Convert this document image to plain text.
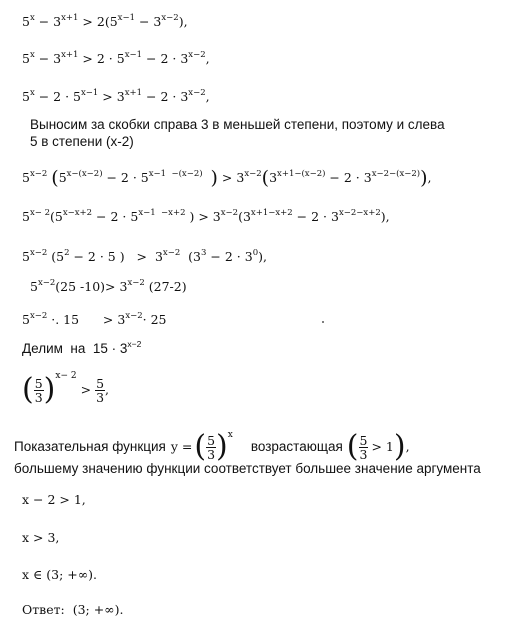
$5^x - 3^{x+1} > 2(5^{x-1} - 3^{x-2})$,
$5^x - 3^{x+1} > 2 \cdot 5^{x-1} - 2 \cdot 3^{x-2}$,
$5^x - 2 \cdot 5^{x-1} > 3^{x+1} - 2 \cdot 3^{x-2}$,
Выносим за скобки справа 3 в меньшей степени, поэтому и слева
5 в степени (x-2)
$5^{x-2}$ ($5^{x-(x-2)} - 2 \cdot 5^{x-1 -(x-2)}$ ) > $3^{x-2}(3^{x+1-(x-2)} - 2 \cdot 3^{x-2-(x-2)})$,
$5^{x- 2}(5^{x-x+2} - 2 \cdot 5^{x-1 -x+2}$ ) > $3^{x-2}(3^{x+1-x+2} - 2 \cdot 3^{x-2-x+2})$,
$5^{x-2}$ ($5^2 - 2 \cdot 5$ )   >  $3^{x-2}$  $(3^3 - 2 \cdot 3^0)$,
$5^{x-2}(25$ $-10)> 3^{x-2}$ (27-2)
$5^{x-2}$ ·. 15      > $3^{x-2}\cdot 25$
Делим  на  $15 \cdot 3^{x-2}$
( $\frac{5}{3}$ ) x− 2
> $\frac{5}{3}$ ,
Показательная функция y = ( $\frac{5}{3}$ ) x
возрастающая ( $\frac{5}{3} > 1$ ) ,
большему значению функции соответствует большее значение аргумента
x − 2 > 1,
x > 3,
x ∈ (3; +∞).
Ответ: (3; +∞).
